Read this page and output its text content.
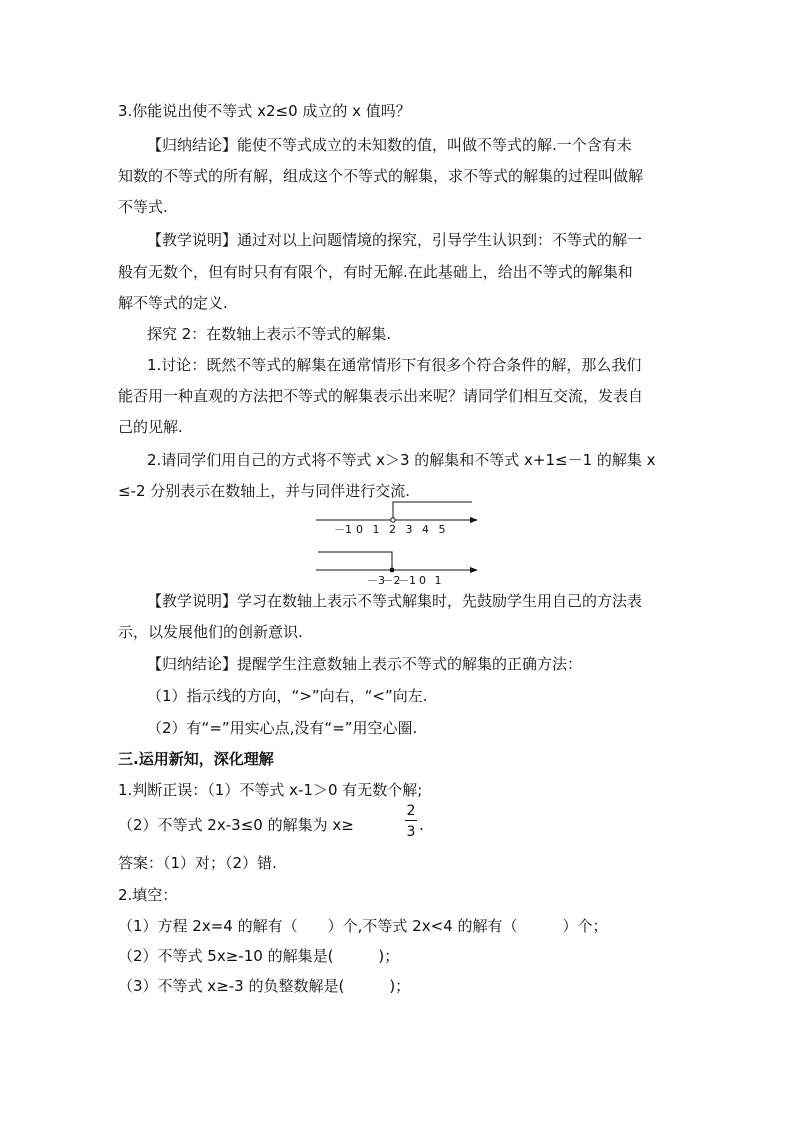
3.你能说出使不等式 x2≤0 成立的 x 值吗？
【归纳结论】能使不等式成立的未知数的值，叫做不等式的解.一个含有未
知数的不等式的所有解，组成这个不等式的解集，求不等式的解集的过程叫做解
不等式.
【教学说明】通过对以上问题情境的探究，引导学生认识到：不等式的解一
般有无数个，但有时只有有限个，有时无解.在此基础上，给出不等式的解集和
解不等式的定义.
探究 2：在数轴上表示不等式的解集.
1.讨论：既然不等式的解集在通常情形下有很多个符合条件的解，那么我们
能否用一种直观的方法把不等式的解集表示出来呢？请同学们相互交流，发表自
己的见解.
2.请同学们用自己的方式将不等式 x＞3 的解集和不等式 x+1≤－1 的解集 x
≤-2 分别表示在数轴上，并与同伴进行交流.
－1 0 1 2 3 4 5
－3
－2
－1 0 1
【教学说明】学习在数轴上表示不等式解集时，先鼓励学生用自己的方法表
示，以发展他们的创新意识.
【归纳结论】提醒学生注意数轴上表示不等式的解集的正确方法：
（1）指示线的方向，“>”向右，“<”向左.
（2）有“=”用实心点,没有“=”用空心圈.
三.运用新知，深化理解
1.判断正误：（1）不等式 x-1＞0 有无数个解;
（2）不等式 2x-3≤0 的解集为 x≥
2
3 .
答案：（1）对；（2）错.
2.填空：
（1）方程 2x=4 的解有（　　）个,不等式 2x<4 的解有（　　　）个；
（2）不等式 5x≥-10 的解集是(　　　)；
（3）不等式 x≥-3 的负整数解是(　　　)；
